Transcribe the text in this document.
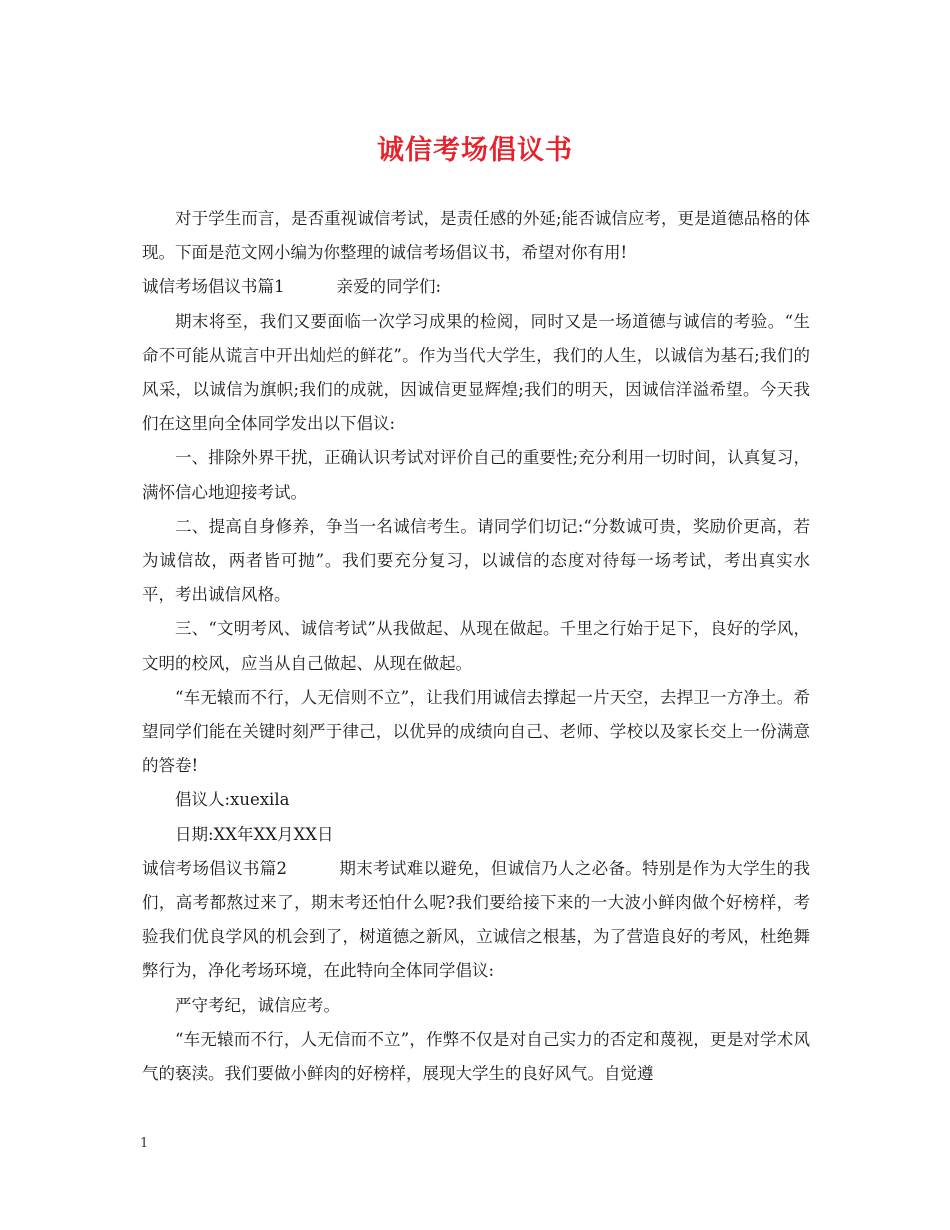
诚信考场倡议书

对于学生而言，是否重视诚信考试，是责任感的外延;能否诚信应考，更是道德品格的体现。下面是范文网小编为你整理的诚信考场倡议书，希望对你有用!

诚信考场倡议书篇1	亲爱的同学们:

期末将至，我们又要面临一次学习成果的检阅，同时又是一场道德与诚信的考验。“生命不可能从谎言中开出灿烂的鲜花”。作为当代大学生，我们的人生，以诚信为基石;我们的风采，以诚信为旗帜;我们的成就，因诚信更显辉煌;我们的明天，因诚信洋溢希望。今天我们在这里向全体同学发出以下倡议:

一、排除外界干扰，正确认识考试对评价自己的重要性;充分利用一切时间，认真复习，满怀信心地迎接考试。

二、提高自身修养，争当一名诚信考生。请同学们切记:“分数诚可贵，奖励价更高，若为诚信故，两者皆可抛”。我们要充分复习，以诚信的态度对待每一场考试，考出真实水平，考出诚信风格。

三、“文明考风、诚信考试”从我做起、从现在做起。千里之行始于足下，良好的学风，文明的校风，应当从自己做起、从现在做起。

“车无辕而不行，人无信则不立”，让我们用诚信去撑起一片天空，去捍卫一方净土。希望同学们能在关键时刻严于律己，以优异的成绩向自己、老师、学校以及家长交上一份满意的答卷!

倡议人:xuexila

日期:XX年XX月XX日

诚信考场倡议书篇2	期末考试难以避免，但诚信乃人之必备。特别是作为大学生的我们，高考都熬过来了，期末考还怕什么呢?我们要给接下来的一大波小鲜肉做个好榜样，考验我们优良学风的机会到了，树道德之新风，立诚信之根基，为了营造良好的考风，杜绝舞弊行为，净化考场环境，在此特向全体同学倡议:

严守考纪，诚信应考。

“车无辕而不行，人无信而不立”，作弊不仅是对自己实力的否定和蔑视，更是对学术风气的亵渎。我们要做小鲜肉的好榜样，展现大学生的良好风气。自觉遵

1
